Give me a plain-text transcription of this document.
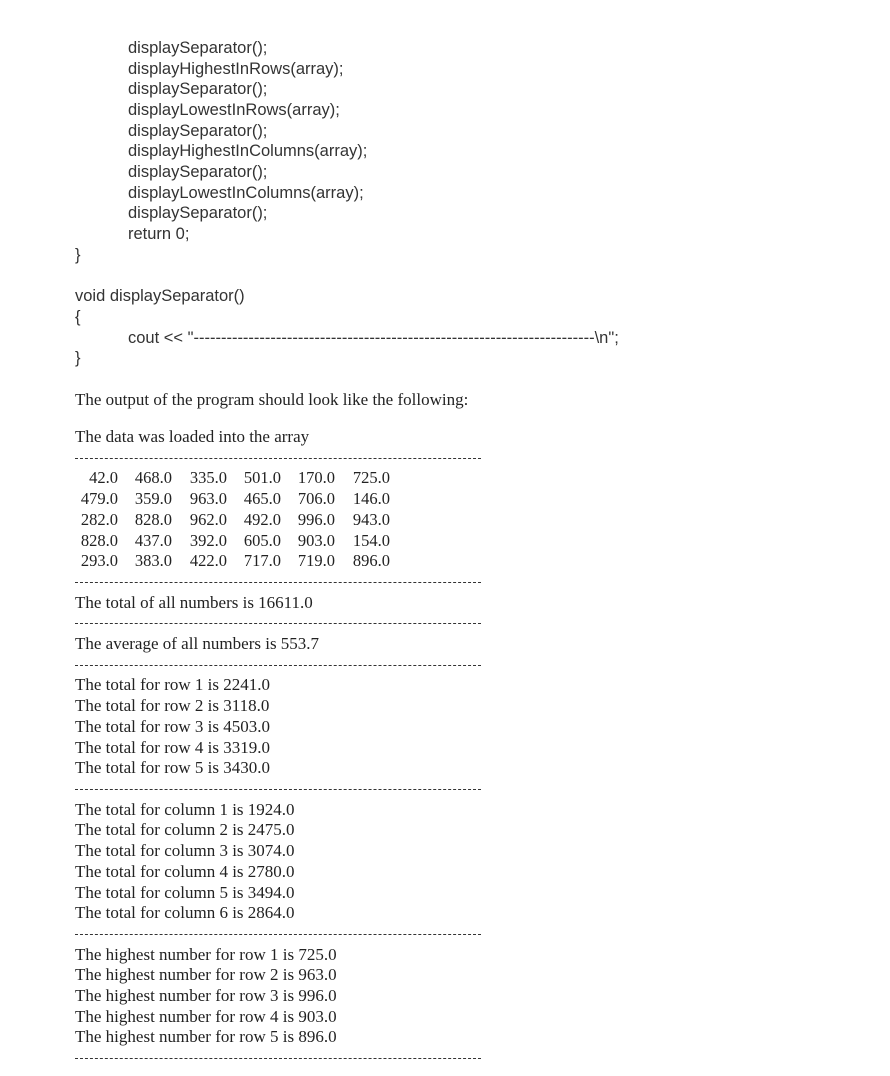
displaySeparator();
displayHighestInRows(array);
displaySeparator();
displayLowestInRows(array);
displaySeparator();
displayHighestInColumns(array);
displaySeparator();
displayLowestInColumns(array);
displaySeparator();
return 0;
}
void displaySeparator()
{
cout << "-------------------------------------------------------------------------\n";
}
The output of the program should look like the following:
The data was loaded into the array
42.0	468.0	335.0	501.0	170.0	725.0
479.0	359.0	963.0	465.0	706.0	146.0
282.0	828.0	962.0	492.0	996.0	943.0
828.0	437.0	392.0	605.0	903.0	154.0
293.0	383.0	422.0	717.0	719.0	896.0
The total of all numbers is 16611.0
The average of all numbers is 553.7
The total for row 1 is 2241.0
The total for row 2 is 3118.0
The total for row 3 is 4503.0
The total for row 4 is 3319.0
The total for row 5 is 3430.0
The total for column 1 is 1924.0
The total for column 2 is 2475.0
The total for column 3 is 3074.0
The total for column 4 is 2780.0
The total for column 5 is 3494.0
The total for column 6 is 2864.0
The highest number for row 1 is 725.0
The highest number for row 2 is 963.0
The highest number for row 3 is 996.0
The highest number for row 4 is 903.0
The highest number for row 5 is 896.0
